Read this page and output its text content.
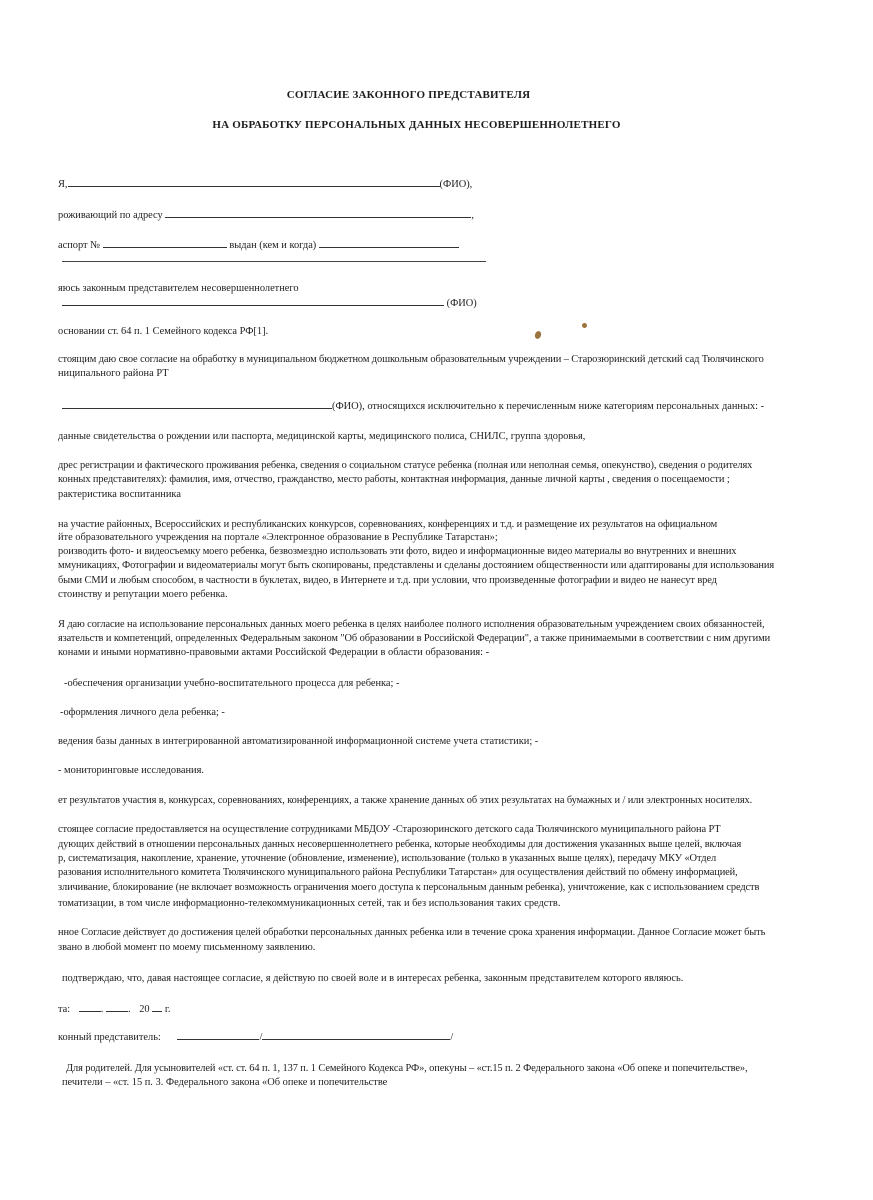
СОГЛАСИЕ ЗАКОННОГО ПРЕДСТАВИТЕЛЯ
НА ОБРАБОТКУ ПЕРСОНАЛЬНЫХ ДАННЫХ НЕСОВЕРШЕННОЛЕТНЕГО
Я,	(ФИО),
роживающий по адресу	,
аспорт №	выдан (кем и когда)
яюсь законным представителем несовершеннолетнего
(ФИО)
основании ст. 64 п. 1 Семейного кодекса РФ[1].
стоящим даю свое согласие на обработку в муниципальном бюджетном дошкольным образовательным учреждении – Старозюринский детский сад Тюлячинского
ниципального района РТ
(ФИО), относящихся исключительно к перечисленным ниже категориям персональных данных: -
данные свидетельства о рождении или паспорта, медицинской карты, медицинского полиса, СНИЛС, группа здоровья,
дрес регистрации и фактического проживания ребенка, сведения о социальном статусе ребенка (полная или неполная семья, опекунство), сведения о родителях
конных представителях): фамилия, имя, отчество, гражданство, место работы, контактная информация, данные личной карты , сведения о посещаемости ;
рактеристика воспитанника
на участие районных, Всероссийских и республиканских конкурсов, соревнованиях, конференциях и т.д. и размещение их результатов на официальном
йте образовательного учреждения на портале «Электронное образование в Республике Татарстан»;
роизводить фото- и видеосъемку моего ребенка, безвозмездно использовать эти фото, видео и информационные видео материалы во внутренних и внешних
ммуникациях, Фотографии и видеоматериалы могут быть скопированы, представлены и сделаны достоянием общественности или адаптированы для использования
быми СМИ и любым способом, в частности в буклетах, видео, в Интернете и т.д. при условии, что произведенные фотографии и видео не нанесут вред
стоинству и репутации моего ребенка.
Я даю согласие на использование персональных данных моего ребенка в целях наиболее полного исполнения образовательным учреждением своих обязанностей,
язательств и компетенций, определенных Федеральным законом "Об образовании в Российской Федерации", а также принимаемыми в соответствии с ним другими
конами и иными нормативно-правовыми актами Российской Федерации в области образования: -
-обеспечения организации учебно-воспитательного процесса для ребенка; -
-оформления личного дела ребенка; -
ведения базы данных в интегрированной автоматизированной информационной системе учета статистики; -
- мониторинговые исследования.
ет результатов участия в, конкурсах, соревнованиях, конференциях, а также хранение данных об этих результатах на бумажных и / или электронных носителях.
стоящее согласие предоставляется на осуществление сотрудниками МБДОУ -Старозюринского детского сада Тюлячинского муниципального района РТ
дующих действий в отношении персональных данных несовершеннолетнего ребенка, которые необходимы для достижения указанных выше целей, включая
р, систематизация, накопление, хранение, уточнение (обновление, изменение), использование (только в указанных выше целях), передачу МКУ «Отдел
разования исполнительного комитета Тюлячинского муниципального района Республики Татарстан» для осуществления действий по обмену информацией,
зличивание, блокирование (не включает возможность ограничения моего доступа к персональным данным ребенка), уничтожение, как с использованием средств
томатизации, в том числе информационно-телекоммуникационных сетей, так и без использования таких средств.
нное Согласие действует до достижения целей обработки персональных данных ребенка или в течение срока хранения информации. Данное Согласие может быть
звано в любой момент по моему письменному заявлению.
подтверждаю, что, давая настоящее согласие, я действую по своей воле и в интересах ребенка, законным представителем которого являюсь.
та:	. . 20 г.
конный представитель:	/	/
Для родителей. Для усыновителей «ст. ст. 64 п. 1, 137 п. 1 Семейного Кодекса РФ», опекуны – «ст.15 п. 2 Федерального закона «Об опеке и попечительстве»,
печители – «ст. 15 п. 3. Федерального закона «Об опеке и попечительстве
